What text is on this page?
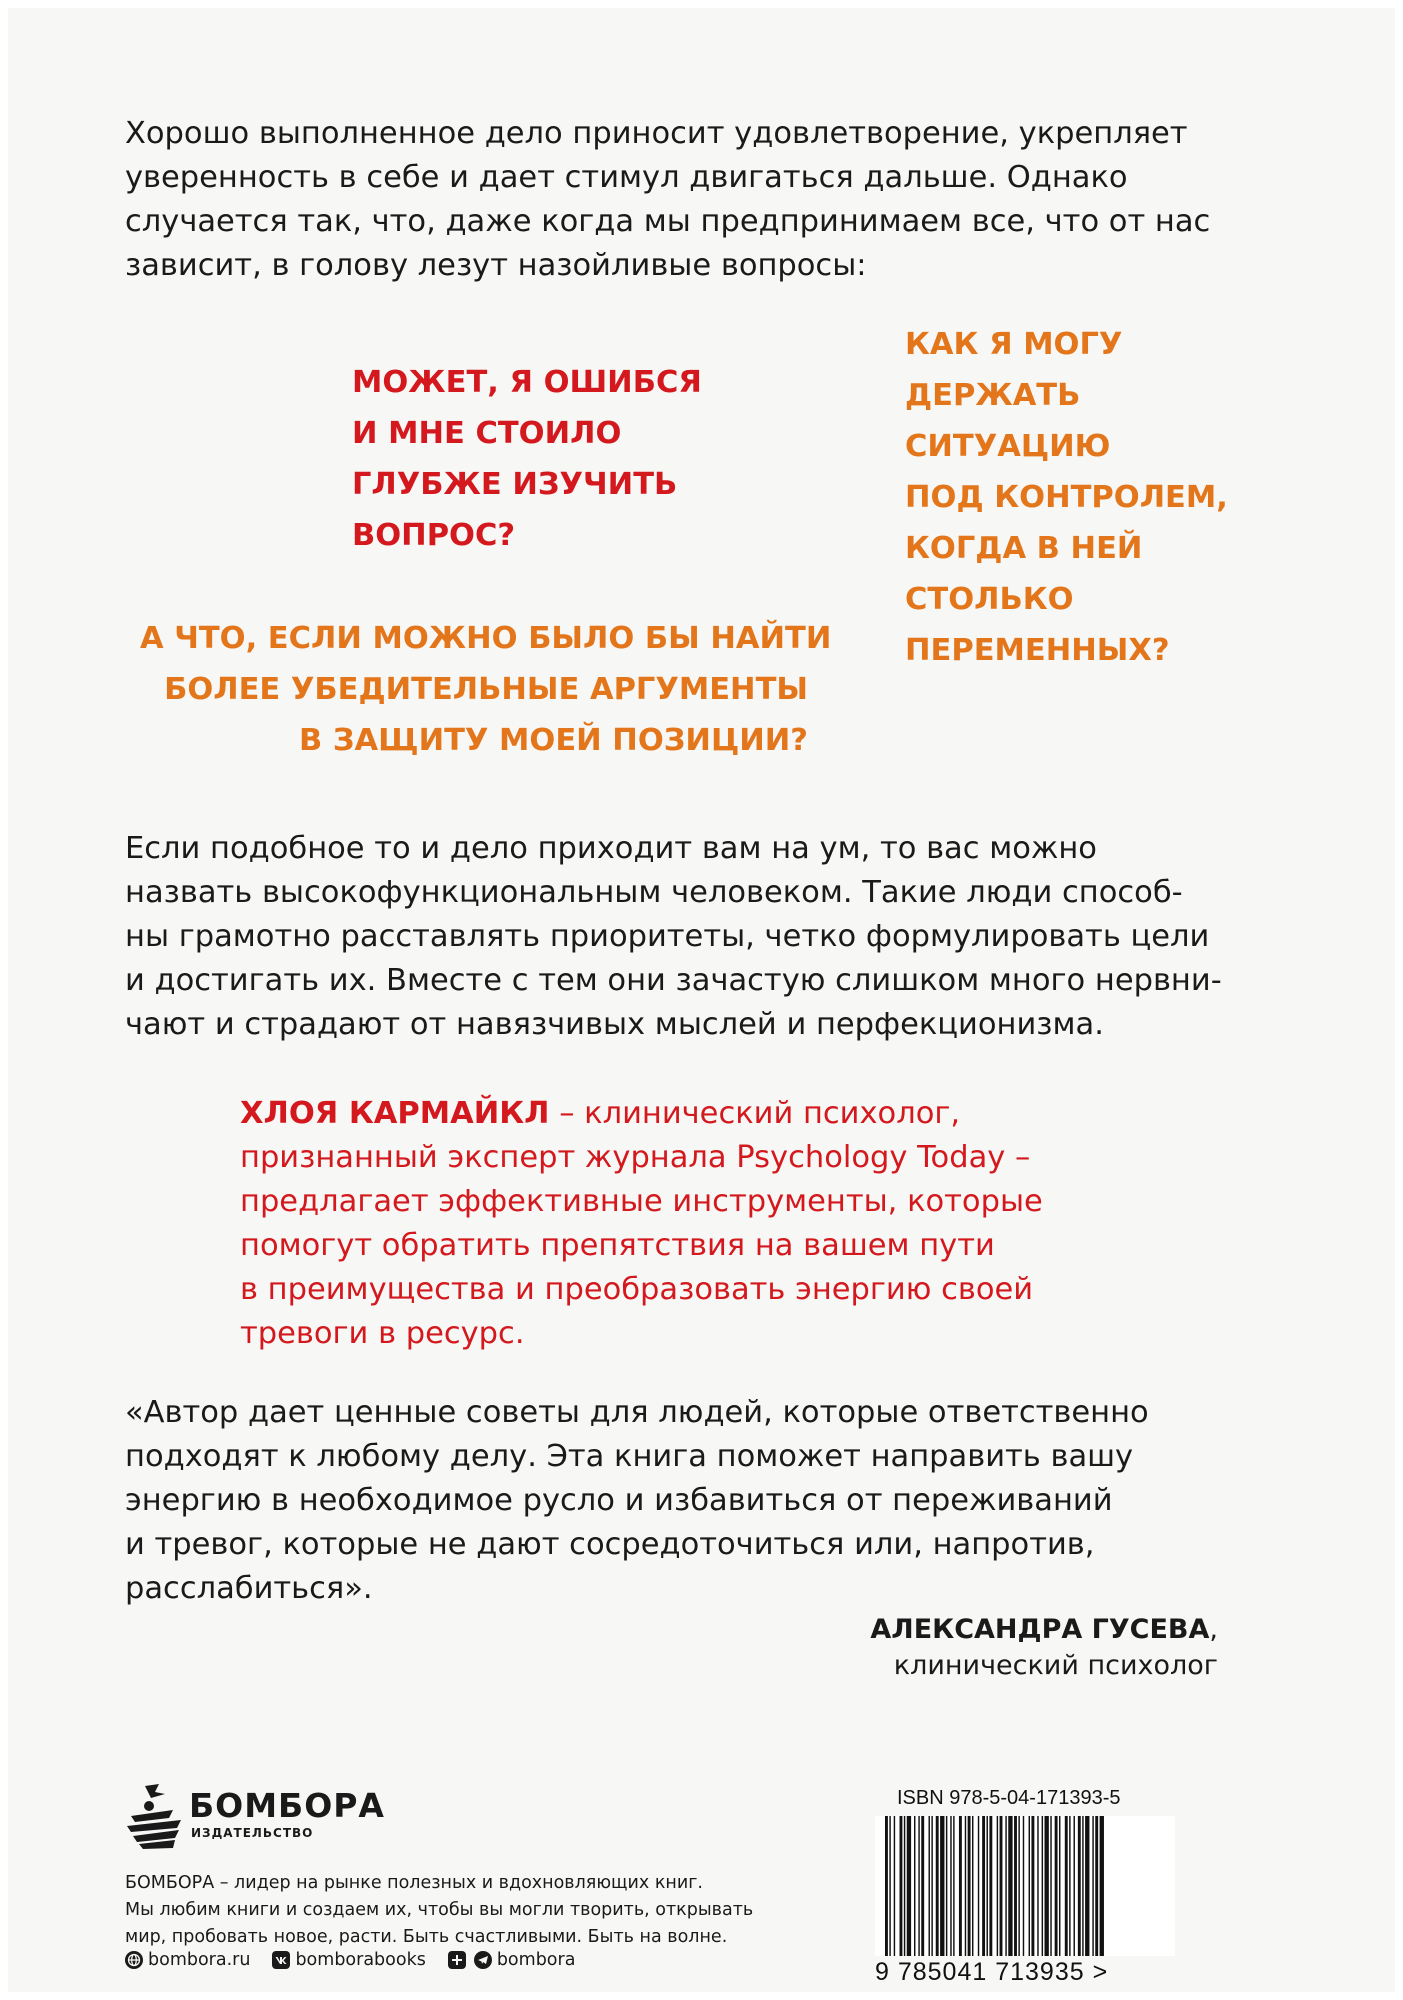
Хорошо выполненное дело приносит удовлетворение, укрепляет
уверенность в себе и дает стимул двигаться дальше. Однако
случается так, что, даже когда мы предпринимаем все, что от нас
зависит, в голову лезут назойливые вопросы:
МОЖЕТ, Я ОШИБСЯ
И МНЕ СТОИЛО
ГЛУБЖЕ ИЗУЧИТЬ
ВОПРОС?
КАК Я МОГУ
ДЕРЖАТЬ
СИТУАЦИЮ
ПОД КОНТРОЛЕМ,
КОГДА В НЕЙ
СТОЛЬКО
ПЕРЕМЕННЫХ?
А ЧТО, ЕСЛИ МОЖНО БЫЛО БЫ НАЙТИ
БОЛЕЕ УБЕДИТЕЛЬНЫЕ АРГУМЕНТЫ
В ЗАЩИТУ МОЕЙ ПОЗИЦИИ?
Если подобное то и дело приходит вам на ум, то вас можно
назвать высокофункциональным человеком. Такие люди способ-
ны грамотно расставлять приоритеты, четко формулировать цели
и достигать их. Вместе с тем они зачастую слишком много нервни-
чают и страдают от навязчивых мыслей и перфекционизма.
ХЛОЯ КАРМАЙКЛ – клинический психолог,
признанный эксперт журнала Psychology Today –
предлагает эффективные инструменты, которые
помогут обратить препятствия на вашем пути
в преимущества и преобразовать энергию своей
тревоги в ресурс.
«Автор дает ценные советы для людей, которые ответственно
подходят к любому делу. Эта книга поможет направить вашу
энергию в необходимое русло и избавиться от переживаний
и тревог, которые не дают сосредоточиться или, напротив,
расслабиться».
АЛЕКСАНДРА ГУСЕВА,
клинический психолог
БОМБОРА
ИЗДАТЕЛЬСТВО
БОМБОРА – лидер на рынке полезных и вдохновляющих книг.
Мы любим книги и создаем их, чтобы вы могли творить, открывать
мир, пробовать новое, расти. Быть счастливыми. Быть на волне.
bombora.ru	bomborabooks	bombora
ISBN 978-5-04-171393-5
9 785041 713935 >
